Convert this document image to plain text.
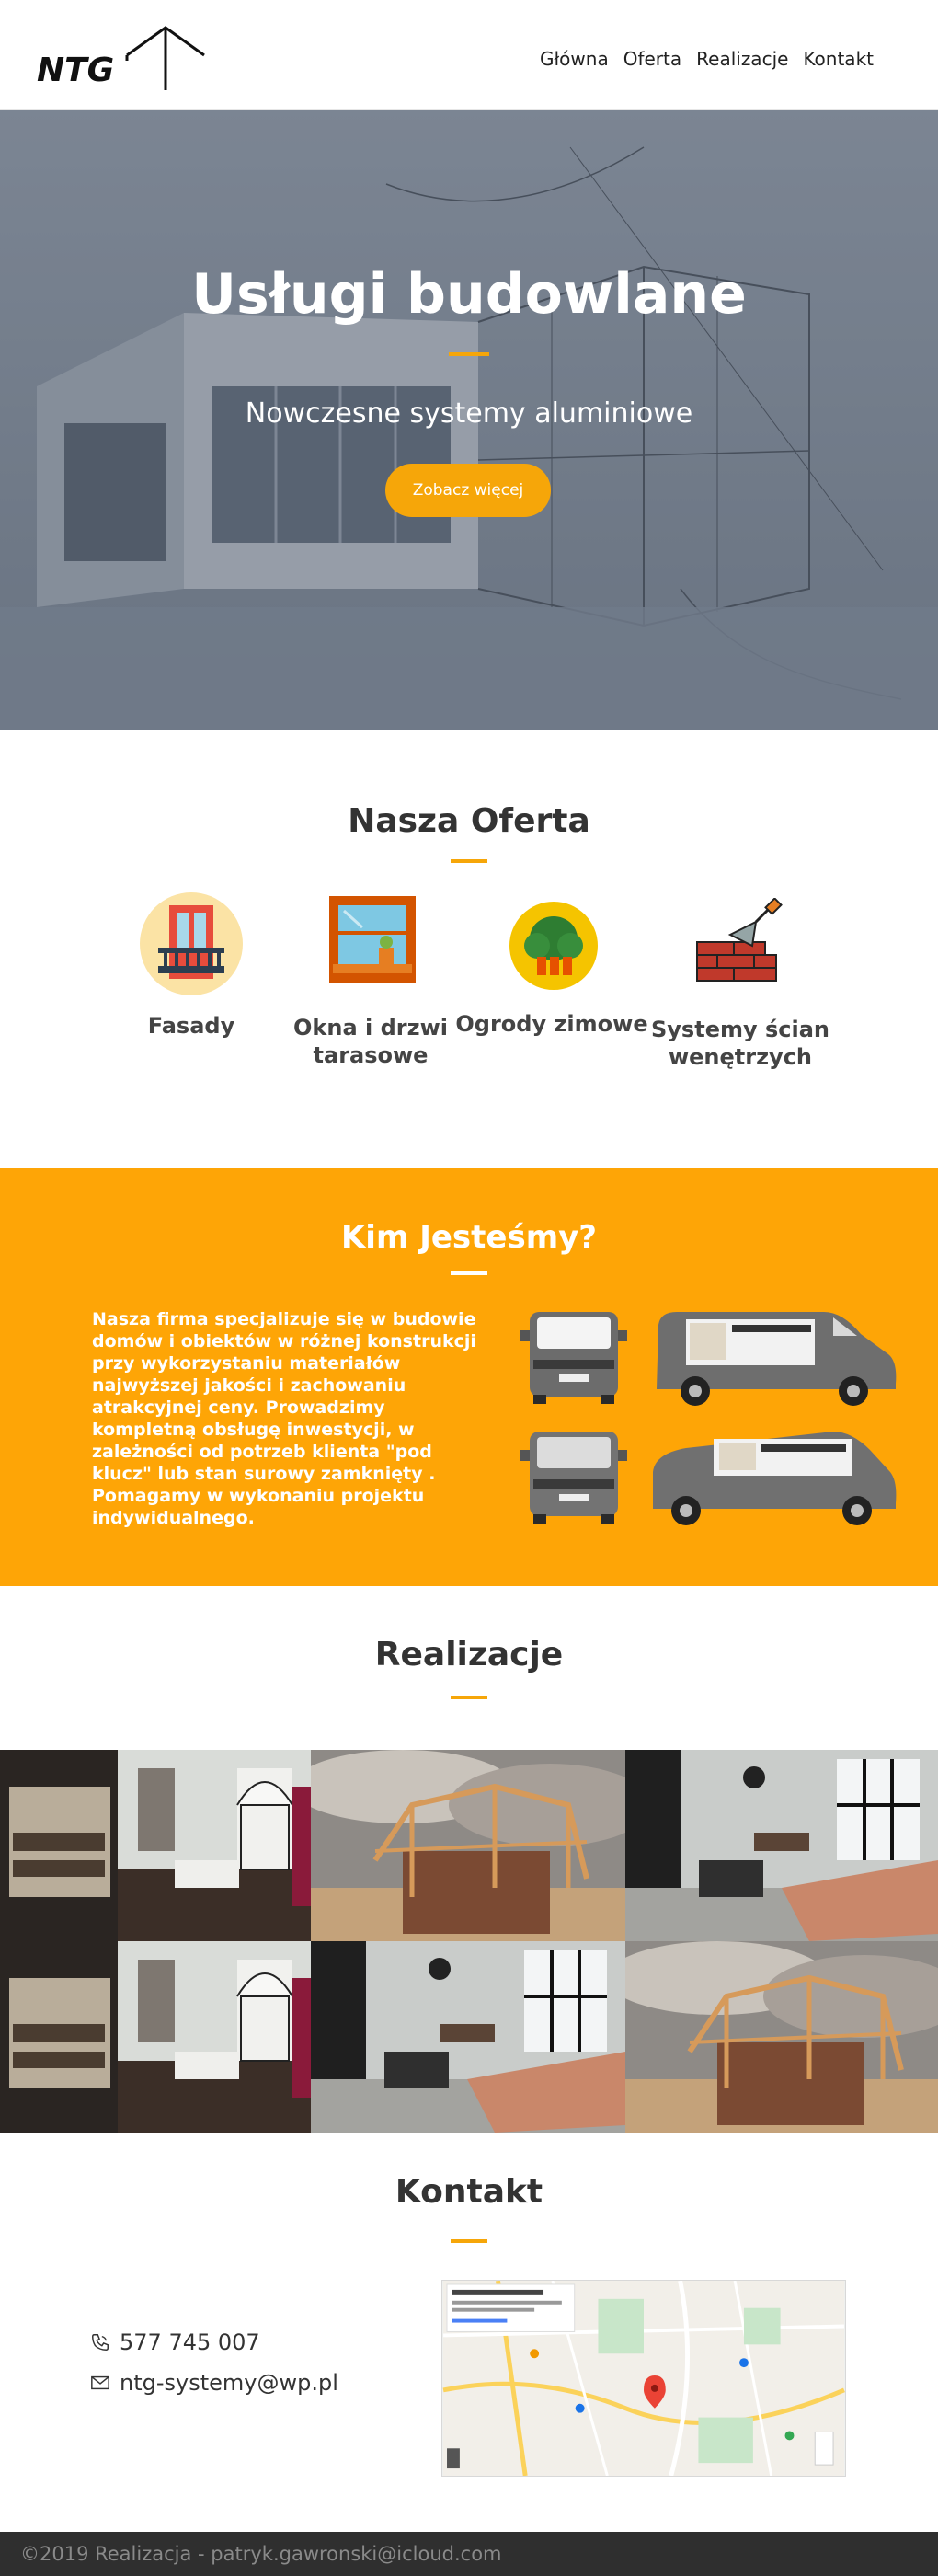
NTG	Główna Oferta Realizacje Kontakt
Usługi budowlane
Nowczesne systemy aluminiowe
Zobacz więcej
Nasza Oferta
Fasady	Okna i drzwi tarasowe
Ogrody zimowe Systemy ścian wenętrzych
Kim Jesteśmy?

Nasza firma specjalizuje się w budowie domów i obiektów w różnej konstrukcji przy wykorzystaniu materiałów najwyższej jakości i zachowaniu atrakcyjnej ceny. Prowadzimy kompletną obsługę inwestycji, w zależności od potrzeb klienta "pod klucz" lub stan surowy zamknięty . Pomagamy w wykonaniu projektu indywidualnego.

Realizacje
Kontakt
577 745 007
ntg-systemy@wp.pl
©2019 Realizacja - patryk.gawronski@icloud.com
